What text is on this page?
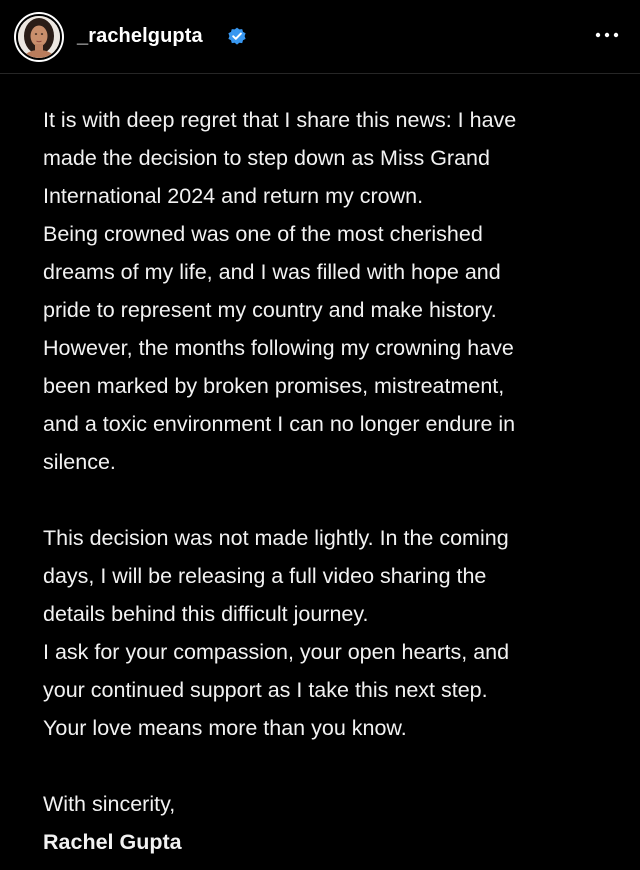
_rachelgupta
It is with deep regret that I share this news: I have
made the decision to step down as Miss Grand
International 2024 and return my crown.
Being crowned was one of the most cherished
dreams of my life, and I was filled with hope and
pride to represent my country and make history.
However, the months following my crowning have
been marked by broken promises, mistreatment,
and a toxic environment I can no longer endure in
silence.
This decision was not made lightly. In the coming
days, I will be releasing a full video sharing the
details behind this difficult journey.
I ask for your compassion, your open hearts, and
your continued support as I take this next step.
Your love means more than you know.
With sincerity,
Rachel Gupta
